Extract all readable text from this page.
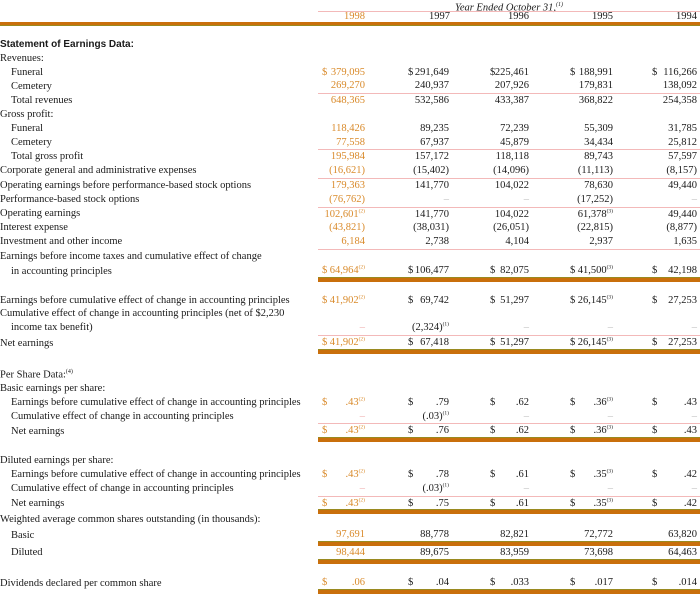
Year Ended October 31,$^{(1)}$
1998	1997	1996	1995	1994
Statement of Earnings Data:					
Revenues:					
Funeral	$ 379,095	$ 291,649	$ 225,461	$ 188,991	$ 116,266
Cemetery	269,270	240,937	207,926	179,831	138,092
Total revenues	648,365	532,586	433,387	368,822	254,358
Gross profit:					
Funeral	118,426	89,235	72,239	55,309	31,785
Cemetery	77,558	67,937	45,879	34,434	25,812
Total gross profit	195,984	157,172	118,118	89,743	57,597
Corporate general and administrative expenses	(16,621)	(15,402)	(14,096)	(11,113)	(8,157)
Operating earnings before performance-based stock options	179,363	141,770	104,022	78,630	49,440
Performance-based stock options	(76,762)	–	–	(17,252)	–
Operating earnings	102,601$^{(2)}$	141,770	104,022	61,378$^{(3)}$	49,440
Interest expense	(43,821)	(38,031)	(26,051)	(22,815)	(8,877)
Investment and other income	6,184	2,738	4,104	2,937	1,635
Earnings before income taxes and cumulative effect of change					
in accounting principles	$ 64,964$^{(2)}$	$ 106,477	$ 82,075	$ 41,500$^{(3)}$	$ 42,198

Earnings before cumulative effect of change in accounting principles	$ 41,902$^{(2)}$	$ 69,742	$ 51,297	$ 26,145$^{(3)}$	$ 27,253
Cumulative effect of change in accounting principles (net of $2,230					
income tax benefit)	–	$(2,324)^{(1)}$	–	–	–
Net earnings	$ 41,902$^{(2)}$	$ 67,418	$ 51,297	$ 26,145$^{(3)}$	$ 27,253

Per Share Data:$^{(4)}$					
Basic earnings per share:					
Earnings before cumulative effect of change in accounting principles	$ .43$^{(2)}$	$ .79	$ .62	$ .36$^{(3)}$	$ .43
Cumulative effect of change in accounting principles	–	$(.03)^{(1)}$	–	–	–
Net earnings	$ .43$^{(2)}$	$ .76	$ .62	$ .36$^{(3)}$	$ .43

Diluted earnings per share:					
Earnings before cumulative effect of change in accounting principles	$ .43$^{(2)}$	$ .78	$ .61	$ .35$^{(3)}$	$ .42
Cumulative effect of change in accounting principles	–	$(.03)^{(1)}$	–	–	–
Net earnings	$ .43$^{(2)}$	$ .75	$ .61	$ .35$^{(3)}$	$ .42
Weighted average common shares outstanding (in thousands):					
Basic	97,691	88,778	82,821	72,772	63,820
Diluted	98,444	89,675	83,959	73,698	64,463

Dividends declared per common share	$ .06	$ .04	$ .033	$ .017	$ .014
